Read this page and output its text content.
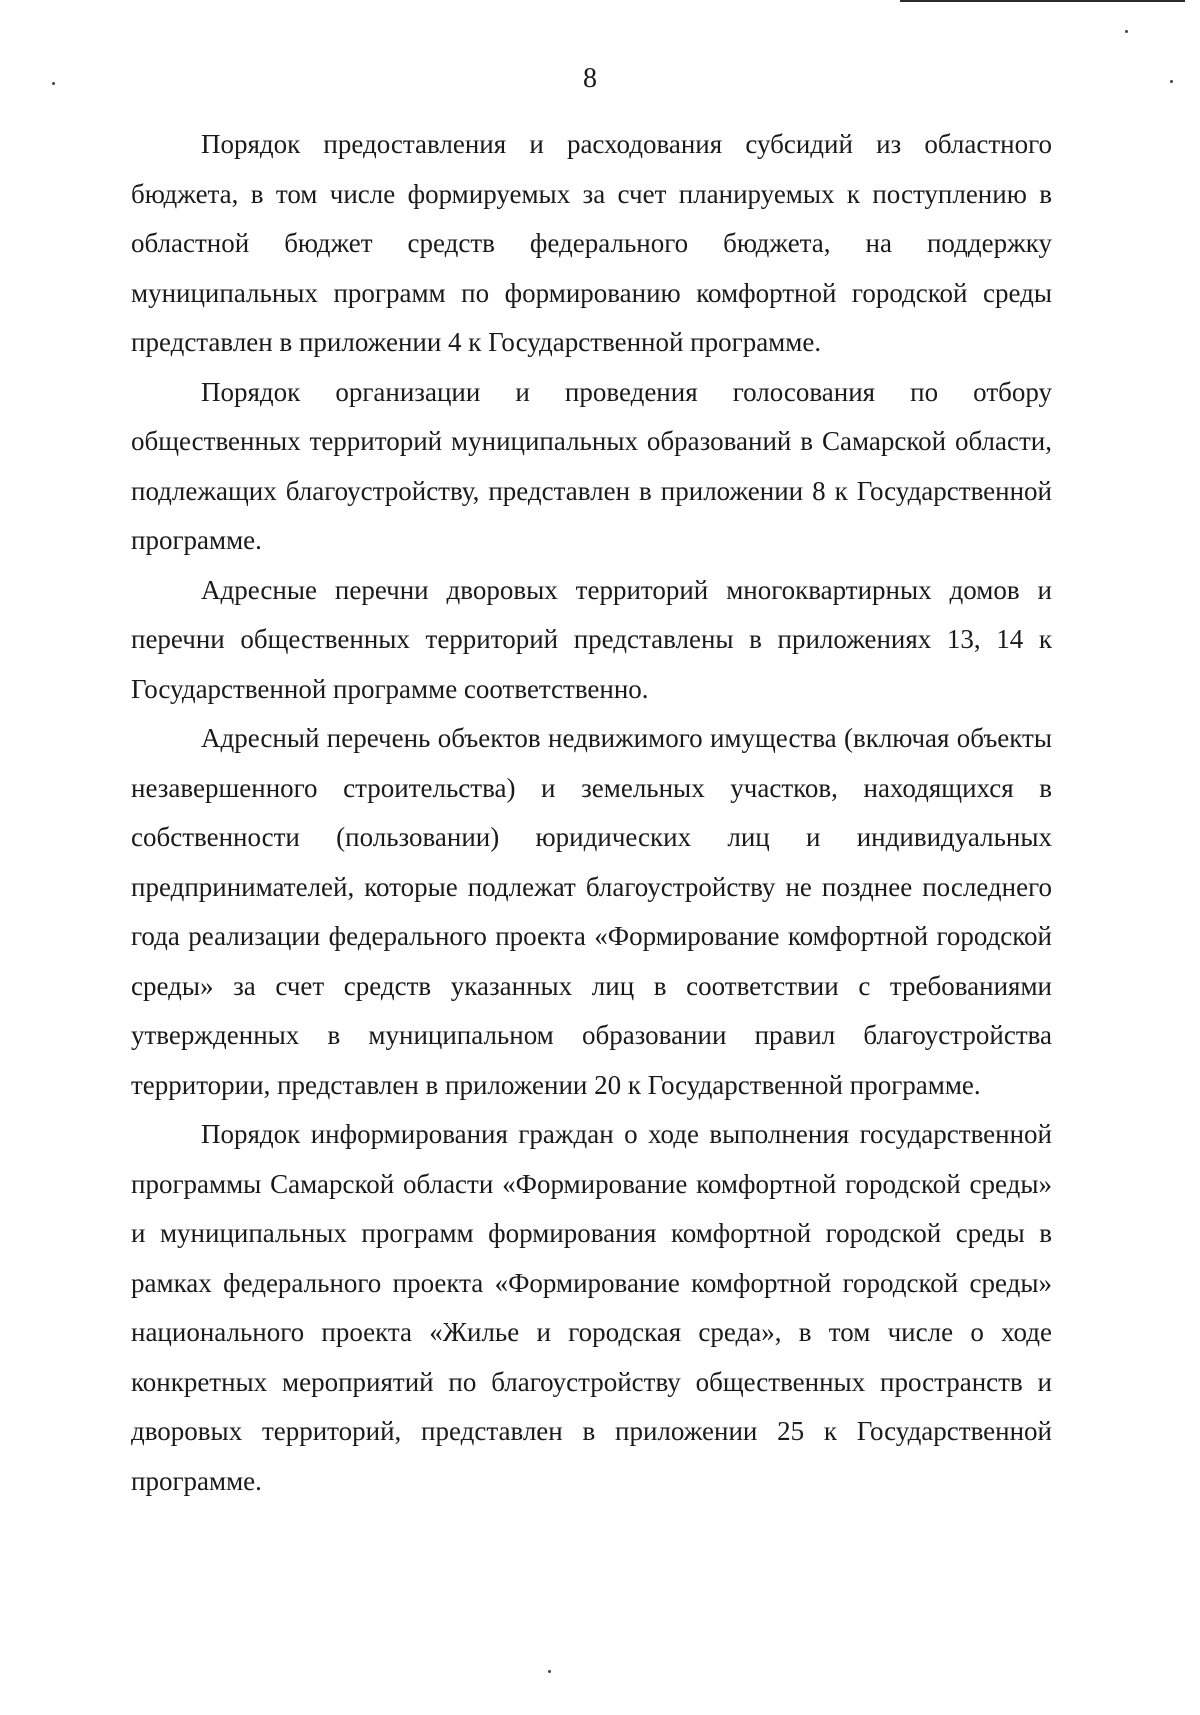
8

Порядок предоставления и расходования субсидий из областного бюджета, в том числе формируемых за счет планируемых к поступлению в областной бюджет средств федерального бюджета, на поддержку муниципальных программ по формированию комфортной городской среды представлен в приложении 4 к Государственной программе.

Порядок организации и проведения голосования по отбору общественных территорий муниципальных образований в Самарской области, подлежащих благоустройству, представлен в приложении 8 к Государственной программе.

Адресные перечни дворовых территорий многоквартирных домов и перечни общественных территорий представлены в приложениях 13, 14 к Государственной программе соответственно.

Адресный перечень объектов недвижимого имущества (включая объекты незавершенного строительства) и земельных участков, находящихся в собственности (пользовании) юридических лиц и индивидуальных предпринимателей, которые подлежат благоустройству не позднее последнего года реализации федерального проекта «Формирование комфортной городской среды» за счет средств указанных лиц в соответствии с требованиями утвержденных в муниципальном образовании правил благоустройства территории, представлен в приложении 20 к Государственной программе.

Порядок информирования граждан о ходе выполнения государственной программы Самарской области «Формирование комфортной городской среды» и муниципальных программ формирования комфортной городской среды в рамках федерального проекта «Формирование комфортной городской среды» национального проекта «Жилье и городская среда», в том числе о ходе конкретных мероприятий по благоустройству общественных пространств и дворовых территорий, представлен в приложении 25 к Государственной программе.
